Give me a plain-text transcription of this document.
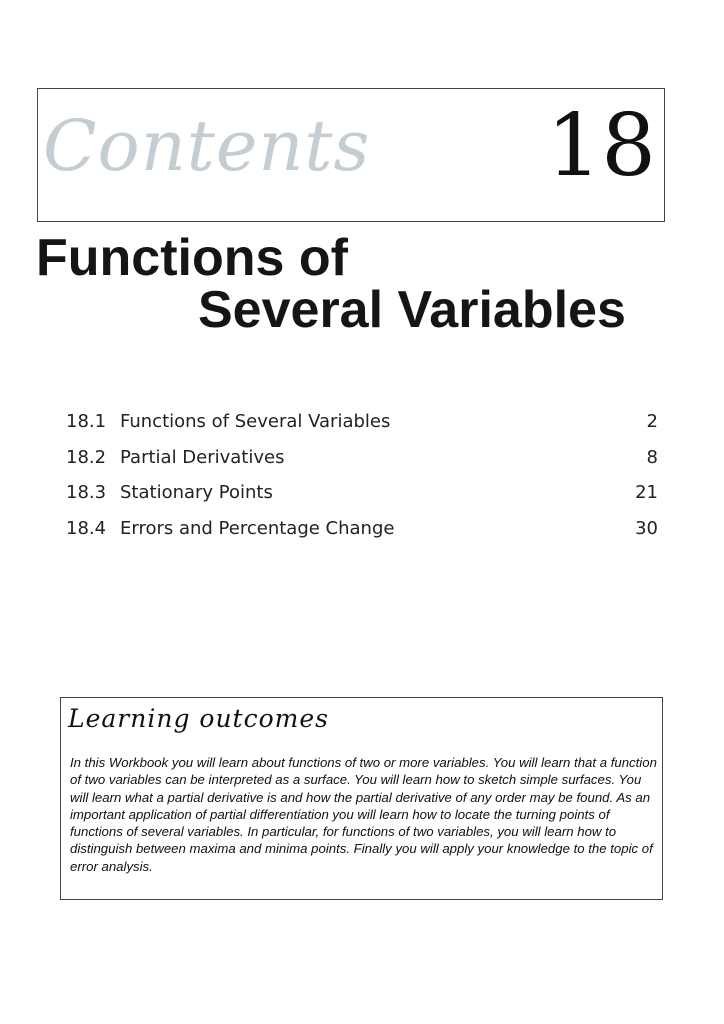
Contents 18
Functions of
Several Variables
18.1 Functions of Several Variables	2
18.2 Partial Derivatives	8
18.3 Stationary Points	21
18.4 Errors and Percentage Change	30
Learning outcomes
In this Workbook you will learn about functions of two or more variables. You will learn that a function of two variables can be interpreted as a surface. You will learn how to sketch simple surfaces. You will learn what a partial derivative is and how the partial derivative of any order may be found. As an important application of partial differentiation you will learn how to locate the turning points of functions of several variables. In particular, for functions of two variables, you will learn how to distinguish between maxima and minima points. Finally you will apply your knowledge to the topic of error analysis.
